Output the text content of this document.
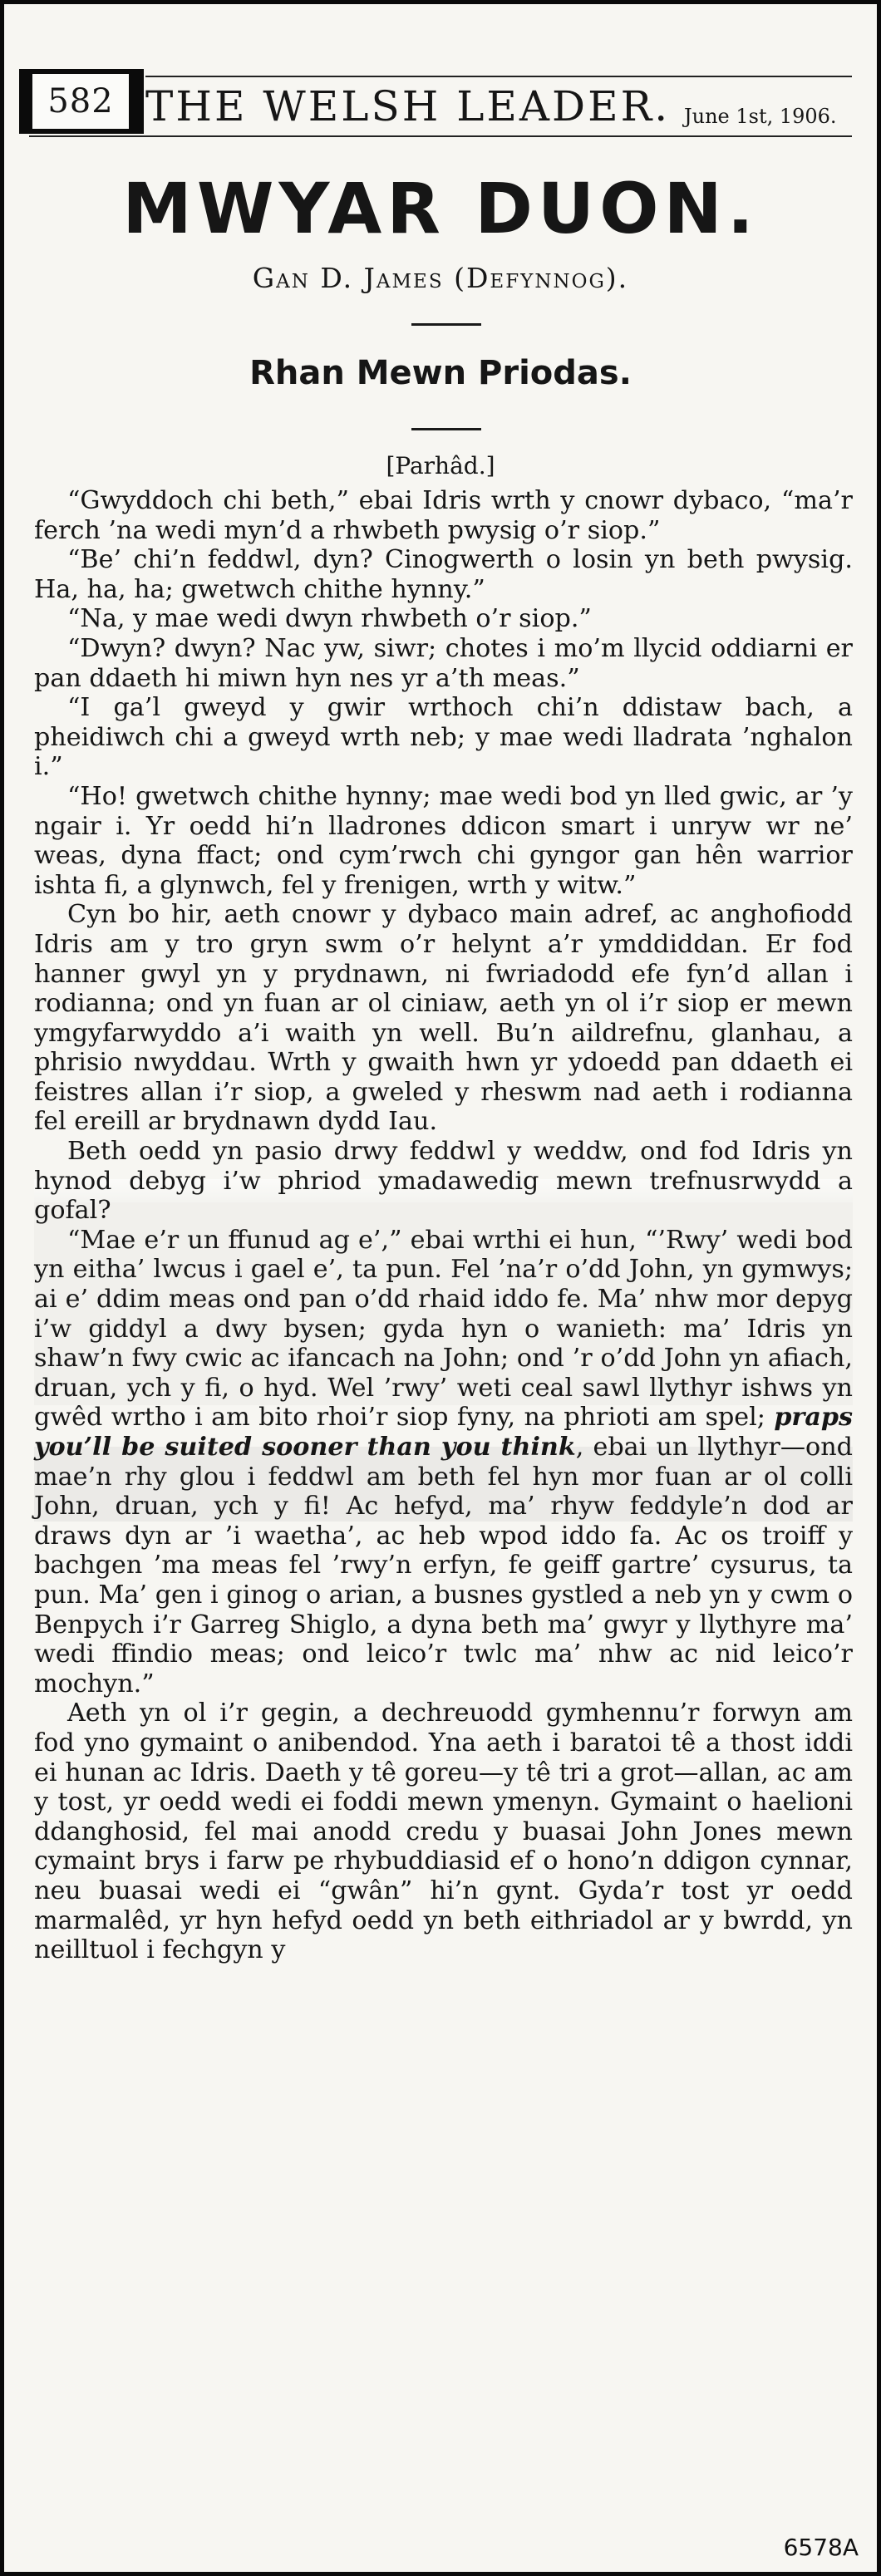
582 THE WELSH LEADER. June 1st, 1906.
MWYAR DUON.
Gan D. James (Defynnog).
Rhan Mewn Priodas.
[Parhâd.]

“Gwyddoch chi beth,” ebai Idris wrth y cnowr dybaco, “ma’r ferch ’na wedi myn’d a rhwbeth pwysig o’r siop.”

“Be’ chi’n feddwl, dyn? Cinogwerth o losin yn beth pwysig. Ha, ha, ha; gwetwch chithe hynny.”

“Na, y mae wedi dwyn rhwbeth o’r siop.”

“Dwyn? dwyn? Nac yw, siwr; chotes i mo’m llycid oddiarni er pan ddaeth hi miwn hyn nes yr a’th meas.”

“I ga’l gweyd y gwir wrthoch chi’n ddistaw bach, a pheidiwch chi a gweyd wrth neb; y mae wedi lladrata ’nghalon i.”

“Ho! gwetwch chithe hynny; mae wedi bod yn lled gwic, ar ’y ngair i. Yr oedd hi’n lladrones ddicon smart i unryw wr ne’ weas, dyna ffact; ond cym’rwch chi gyngor gan hên warrior ishta fi, a glynwch, fel y frenigen, wrth y witw.”

Cyn bo hir, aeth cnowr y dybaco main adref, ac anghofiodd Idris am y tro gryn swm o’r helynt a’r ymddiddan. Er fod hanner gwyl yn y prydnawn, ni fwriadodd efe fyn’d allan i rodianna; ond yn fuan ar ol ciniaw, aeth yn ol i’r siop er mewn ymgyfarwyddo a’i waith yn well. Bu’n aildrefnu, glanhau, a phrisio nwyddau. Wrth y gwaith hwn yr ydoedd pan ddaeth ei feistres allan i’r siop, a gweled y rheswm nad aeth i rodianna fel ereill ar brydnawn dydd Iau.

Beth oedd yn pasio drwy feddwl y weddw, ond fod Idris yn hynod debyg i’w phriod ymadawedig mewn trefnusrwydd a gofal?

“Mae e’r un ffunud ag e’,” ebai wrthi ei hun, “’Rwy’ wedi bod yn eitha’ lwcus i gael e’, ta pun. Fel ’na’r o’dd John, yn gymwys; ai e’ ddim meas ond pan o’dd rhaid iddo fe. Ma’ nhw mor depyg i’w giddyl a dwy bysen; gyda hyn o wanieth: ma’ Idris yn shaw’n fwy cwic ac ifancach na John; ond ’r o’dd John yn afiach, druan, ych y fi, o hyd. Wel ’rwy’ weti ceal sawl llythyr ishws yn gwêd wrtho i am bito rhoi’r siop fyny, na phrioti am spel; praps you’ll be suited sooner than you think, ebai un llythyr—ond mae’n rhy glou i feddwl am beth fel hyn mor fuan ar ol colli John, druan, ych y fi! Ac hefyd, ma’ rhyw feddyle’n dod ar draws dyn ar ’i waetha’, ac heb wpod iddo fa. Ac os troiff y bachgen ’ma meas fel ’rwy’n erfyn, fe geiff gartre’ cysurus, ta pun. Ma’ gen i ginog o arian, a busnes gystled a neb yn y cwm o Benpych i’r Garreg Shiglo, a dyna beth ma’ gwyr y llythyre ma’ wedi ffindio meas; ond leico’r twlc ma’ nhw ac nid leico’r mochyn.”

Aeth yn ol i’r gegin, a dechreuodd gymhennu’r forwyn am fod yno gymaint o anibendod. Yna aeth i baratoi tê a thost iddi ei hunan ac Idris. Daeth y tê goreu—y tê tri a grot—allan, ac am y tost, yr oedd wedi ei foddi mewn ymenyn. Gymaint o haelioni ddanghosid, fel mai anodd credu y buasai John Jones mewn cymaint brys i farw pe rhybuddiasid ef o hono’n ddigon cynnar, neu buasai wedi ei “gwân” hi’n gynt. Gyda’r tost yr oedd marmalêd, yr hyn hefyd oedd yn beth eithriadol ar y bwrdd, yn neilltuol i fechgyn y

6578A
